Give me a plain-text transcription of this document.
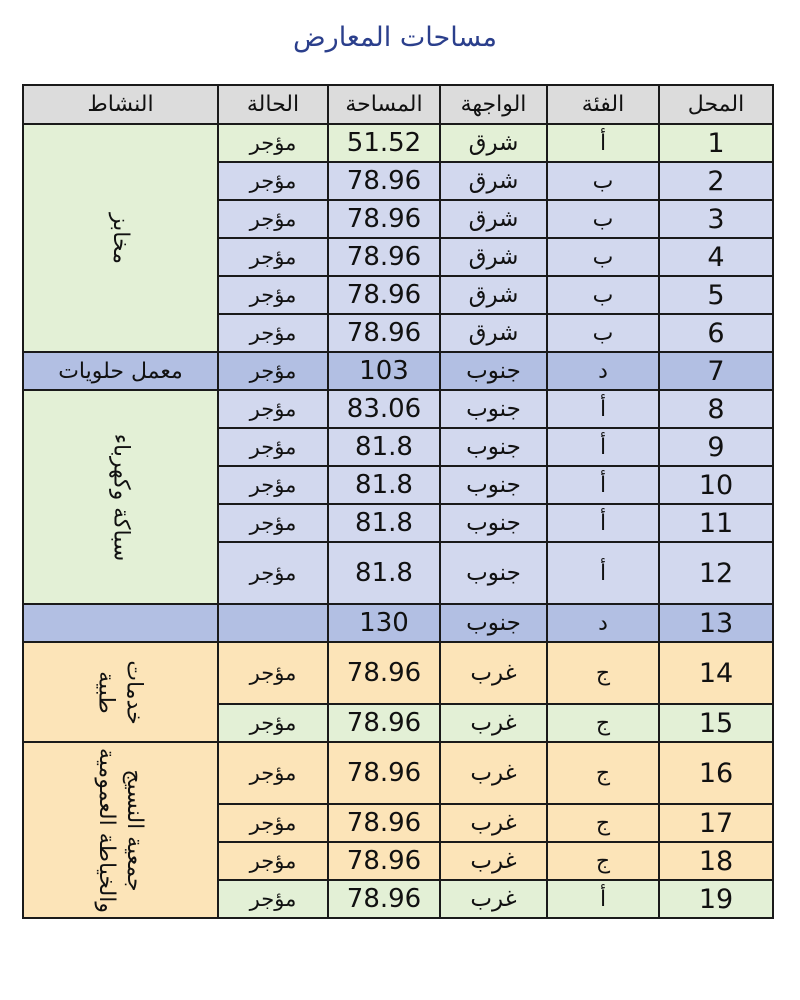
مساحات المعارض
المحل	الفئة	الواجهة	المساحة	الحالة	النشاط
1	أ	شرق	51.52	مؤجر	مخابز
2	ب	شرق	78.96	مؤجر	
3	ب	شرق	78.96	مؤجر	
4	ب	شرق	78.96	مؤجر	
5	ب	شرق	78.96	مؤجر	
6	ب	شرق	78.96	مؤجر	
7	د	جنوب	103	مؤجر	معمل حلويات
8	أ	جنوب	83.06	مؤجر	سباكة وكهرباء
9	أ	جنوب	81.8	مؤجر	
10	أ	جنوب	81.8	مؤجر	
11	أ	جنوب	81.8	مؤجر	
12	أ	جنوب	81.8	مؤجر	
13	د	جنوب	130		
14	ج	غرب	78.96	مؤجر	خدمات
طبية
15	ج	غرب	78.96	مؤجر	
16	ج	غرب	78.96	مؤجر	جمعية النسيج
والخياطة العمومية
17	ج	غرب	78.96	مؤجر	
18	ج	غرب	78.96	مؤجر	
19	أ	غرب	78.96	مؤجر	
